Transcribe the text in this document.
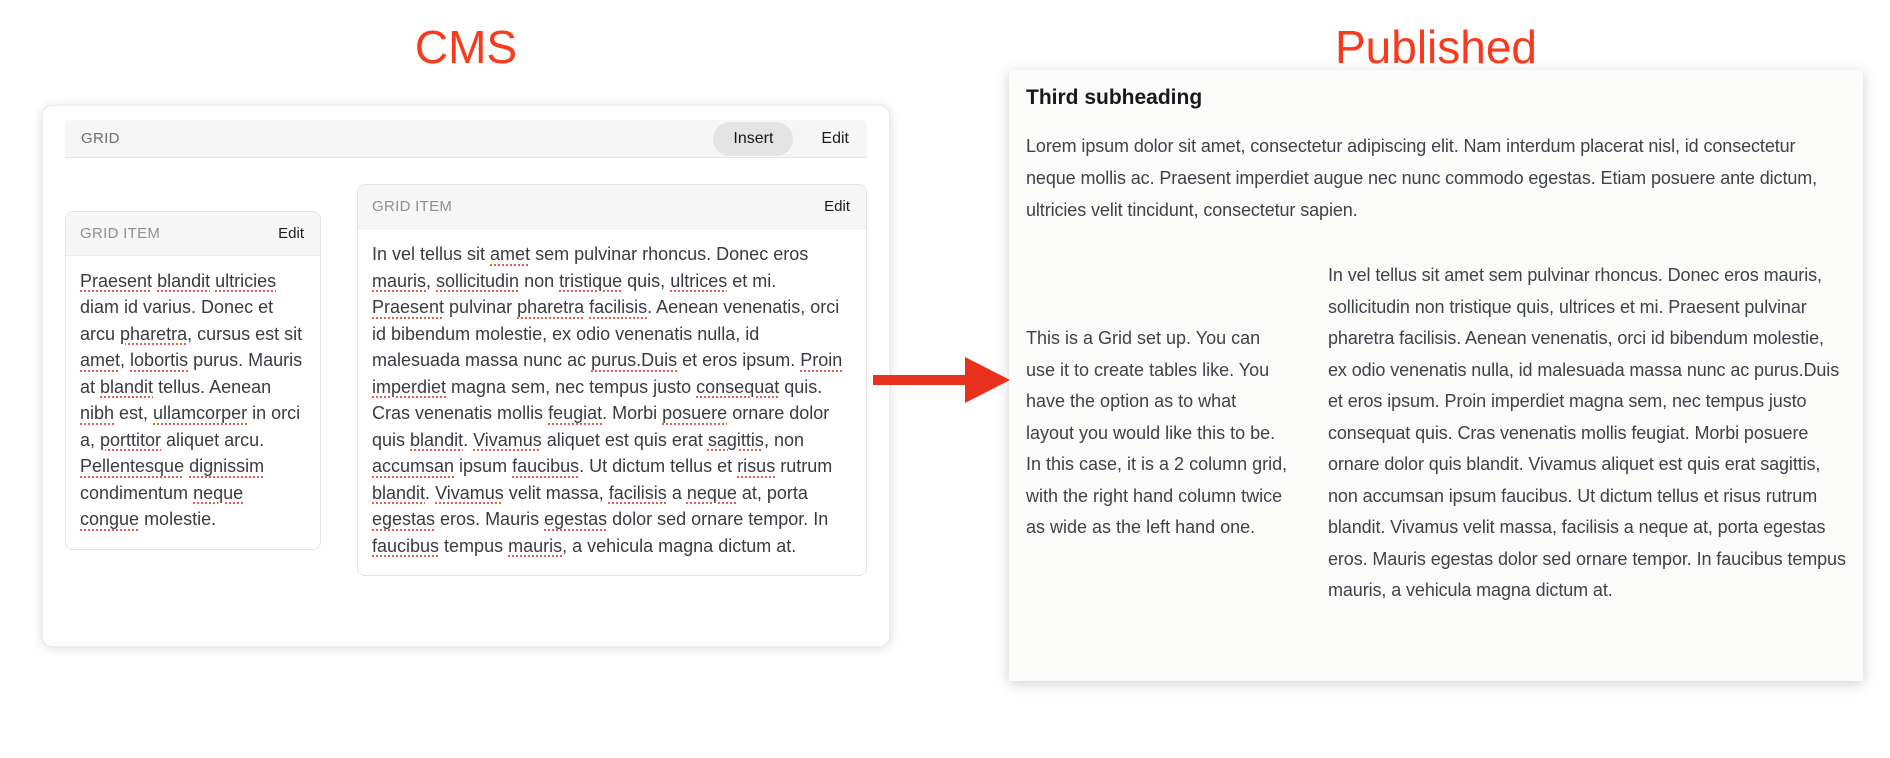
CMS	Published
GRID	Insert	Edit
GRID ITEM	Edit
Praesent blandit ultricies diam id varius. Donec et arcu pharetra, cursus est sit amet, lobortis purus. Mauris at blandit tellus. Aenean nibh est, ullamcorper in orci a, porttitor aliquet arcu. Pellentesque dignissim condimentum neque congue molestie.
GRID ITEM	Edit
In vel tellus sit amet sem pulvinar rhoncus. Donec eros mauris, sollicitudin non tristique quis, ultrices et mi. Praesent pulvinar pharetra facilisis. Aenean venenatis, orci id bibendum molestie, ex odio venenatis nulla, id malesuada massa nunc ac purus.Duis et eros ipsum. Proin imperdiet magna sem, nec tempus justo consequat quis. Cras venenatis mollis feugiat. Morbi posuere ornare dolor quis blandit. Vivamus aliquet est quis erat sagittis, non accumsan ipsum faucibus. Ut dictum tellus et risus rutrum blandit. Vivamus velit massa, facilisis a neque at, porta egestas eros. Mauris egestas dolor sed ornare tempor. In faucibus tempus mauris, a vehicula magna dictum at.
Third subheading

Lorem ipsum dolor sit amet, consectetur adipiscing elit. Nam interdum placerat nisl, id consectetur neque mollis ac. Praesent imperdiet augue nec nunc commodo egestas. Etiam posuere ante dictum, ultricies velit tincidunt, consectetur sapien.

This is a Grid set up. You can use it to create tables like. You have the option as to what layout you would like this to be. In this case, it is a 2 column grid, with the right hand column twice as wide as the left hand one.
In vel tellus sit amet sem pulvinar rhoncus. Donec eros mauris, sollicitudin non tristique quis, ultrices et mi. Praesent pulvinar pharetra facilisis. Aenean venenatis, orci id bibendum molestie, ex odio venenatis nulla, id malesuada massa nunc ac purus.Duis et eros ipsum. Proin imperdiet magna sem, nec tempus justo consequat quis. Cras venenatis mollis feugiat. Morbi posuere ornare dolor quis blandit. Vivamus aliquet est quis erat sagittis, non accumsan ipsum faucibus. Ut dictum tellus et risus rutrum blandit. Vivamus velit massa, facilisis a neque at, porta egestas eros. Mauris egestas dolor sed ornare tempor. In faucibus tempus mauris, a vehicula magna dictum at.
